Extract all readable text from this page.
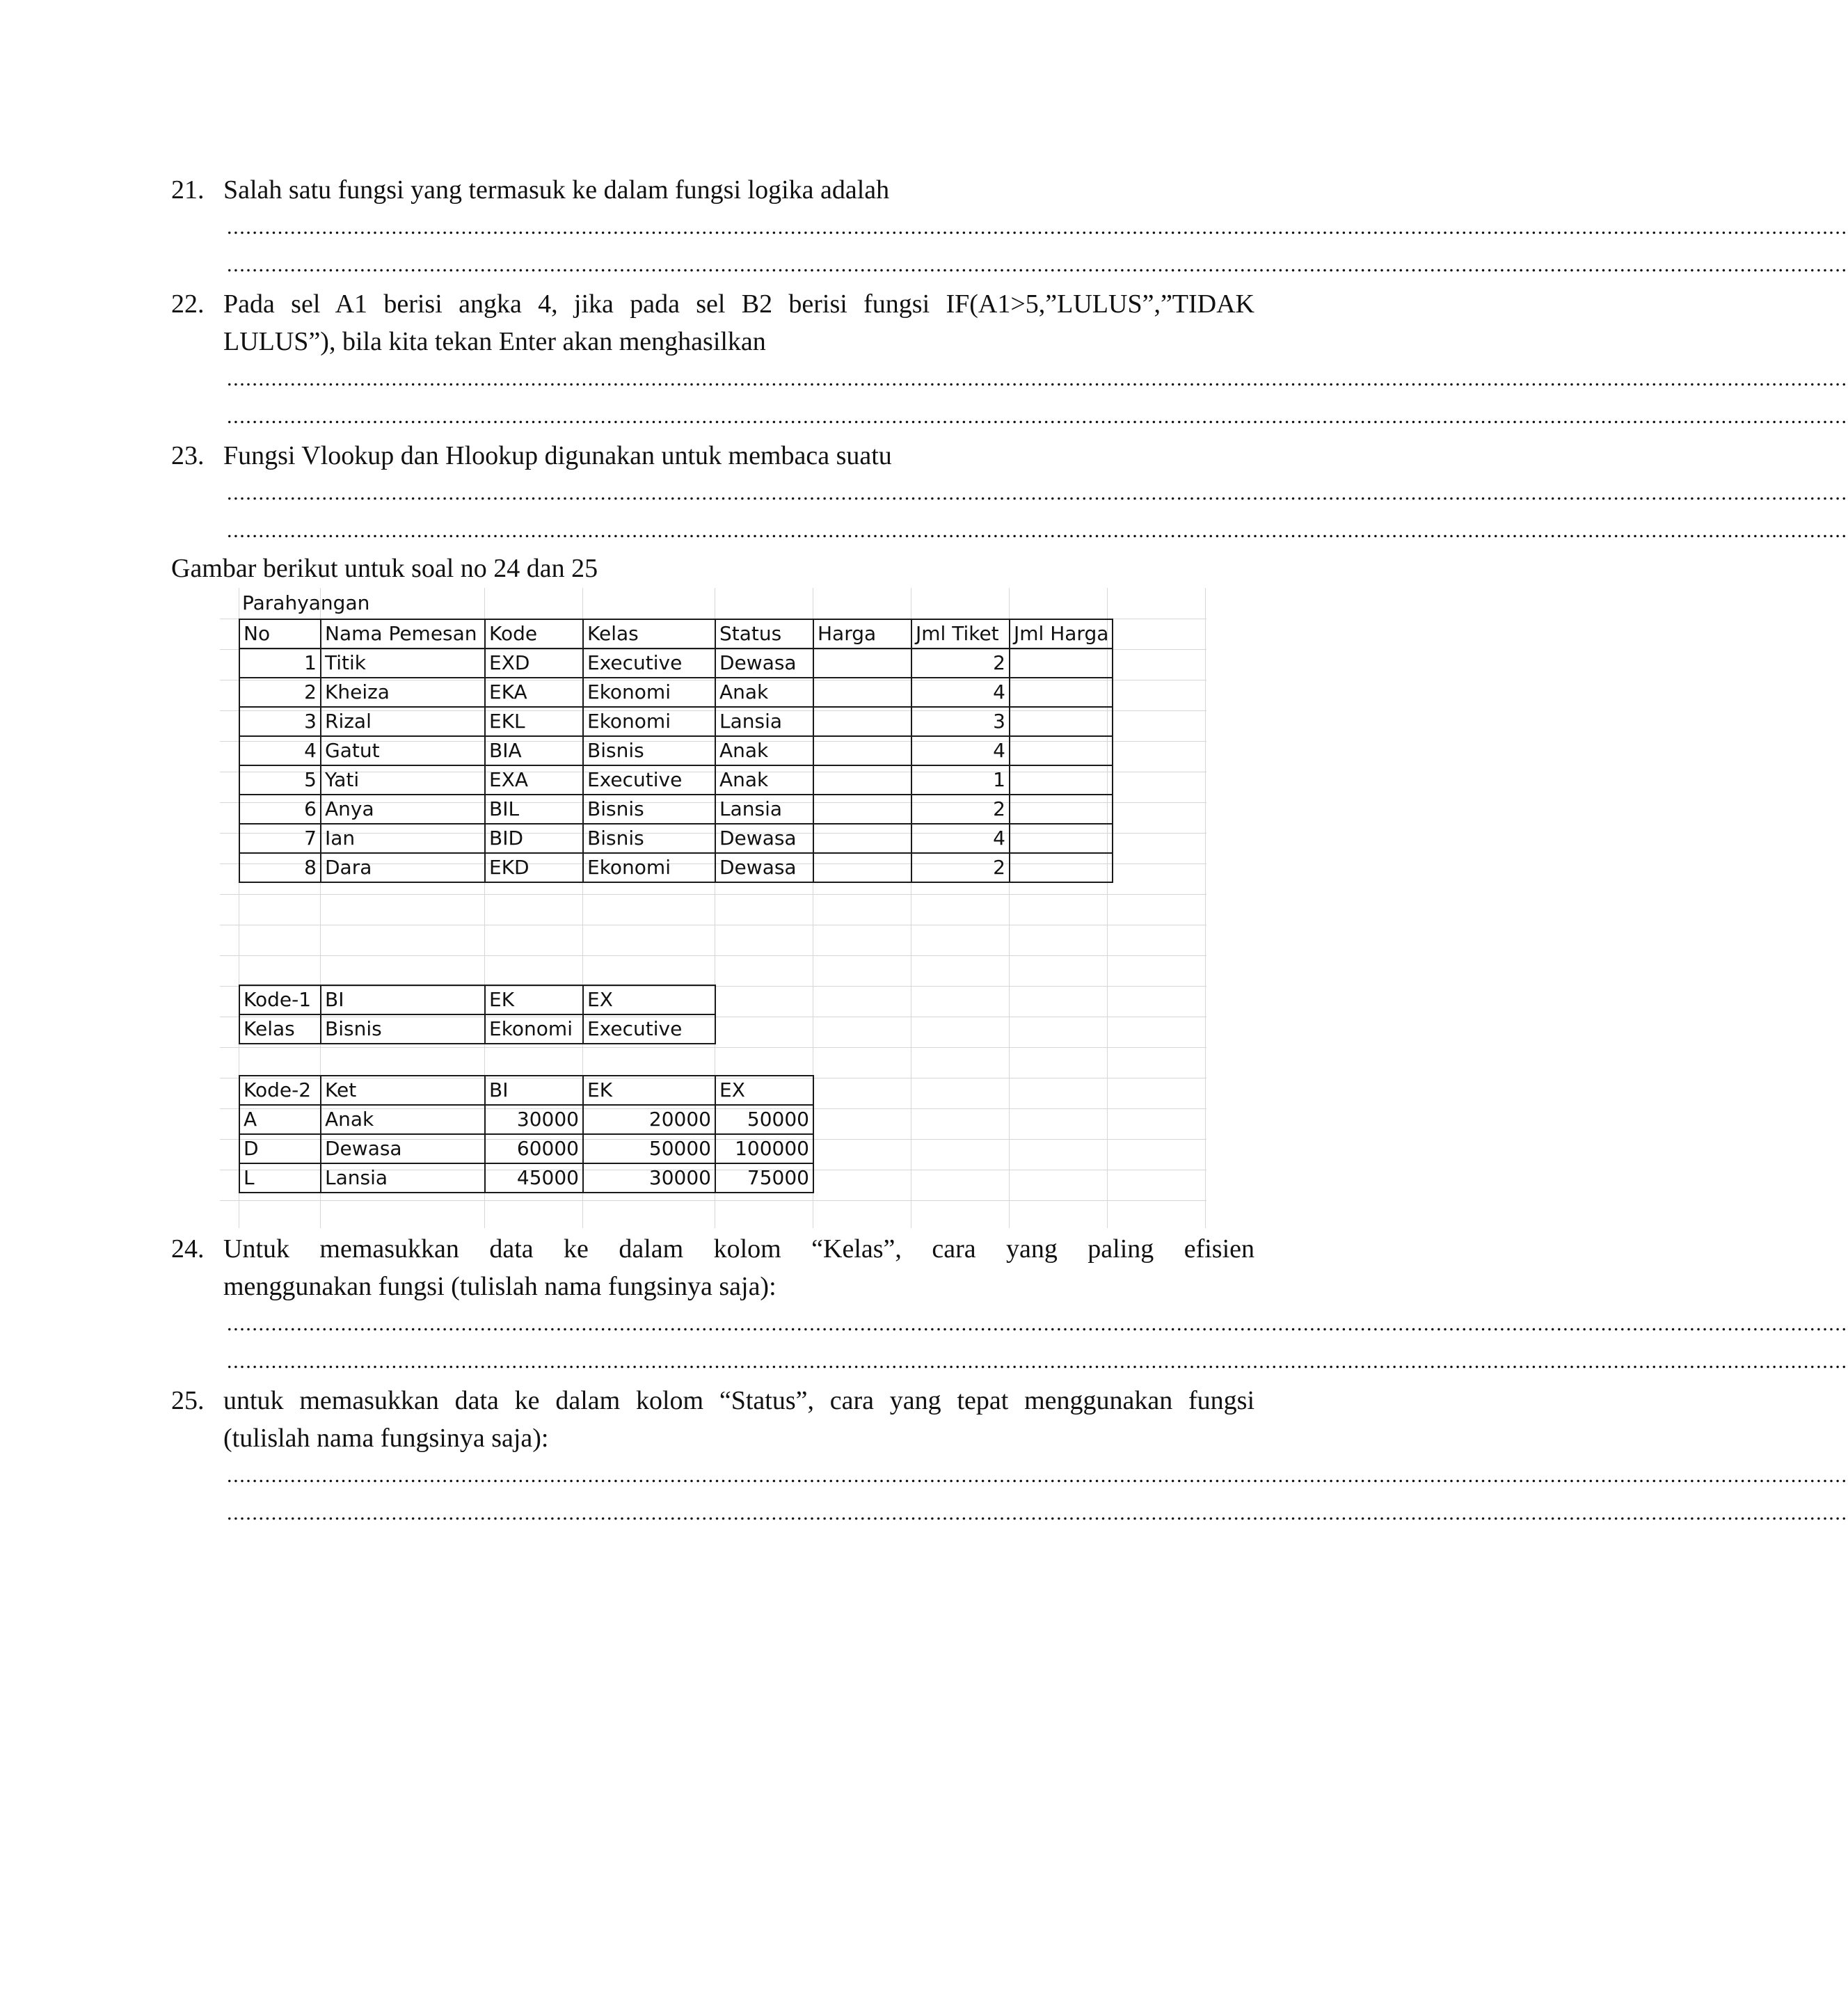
21. Salah satu fungsi yang termasuk ke dalam fungsi logika adalah
................................................................................................................................................................................................................................................................
................................................................................................................................................................................................................................................................
22. Pada sel A1 berisi angka 4, jika pada sel B2 berisi fungsi IF(A1>5,”LULUS”,”TIDAK
LULUS”), bila kita tekan Enter akan menghasilkan
................................................................................................................................................................................................................................................................
................................................................................................................................................................................................................................................................
23. Fungsi Vlookup dan Hlookup digunakan untuk membaca suatu
................................................................................................................................................................................................................................................................
................................................................................................................................................................................................................................................................
Gambar berikut untuk soal no 24 dan 25
Parahyangan
No	Nama Pemesan	Kode	Kelas	Status	Harga	Jml Tiket	Jml Harga
1	Titik	EXD	Executive	Dewasa		2	
2	Kheiza	EKA	Ekonomi	Anak		4	
3	Rizal	EKL	Ekonomi	Lansia		3	
4	Gatut	BIA	Bisnis	Anak		4	
5	Yati	EXA	Executive	Anak		1	
6	Anya	BIL	Bisnis	Lansia		2	
7	Ian	BID	Bisnis	Dewasa		4	
8	Dara	EKD	Ekonomi	Dewasa		2	
Kode-1	BI	EK	EX
Kelas	Bisnis	Ekonomi	Executive
Kode-2	Ket	BI	EK	EX
A	Anak	30000	20000	50000
D	Dewasa	60000	50000	100000
L	Lansia	45000	30000	75000
24. Untuk memasukkan data ke dalam kolom “Kelas”, cara yang paling efisien
menggunakan fungsi (tulislah nama fungsinya saja):
................................................................................................................................................................................................................................................................
................................................................................................................................................................................................................................................................
25. untuk memasukkan data ke dalam kolom “Status”, cara yang tepat menggunakan fungsi
(tulislah nama fungsinya saja):
................................................................................................................................................................................................................................................................
................................................................................................................................................................................................................................................................
